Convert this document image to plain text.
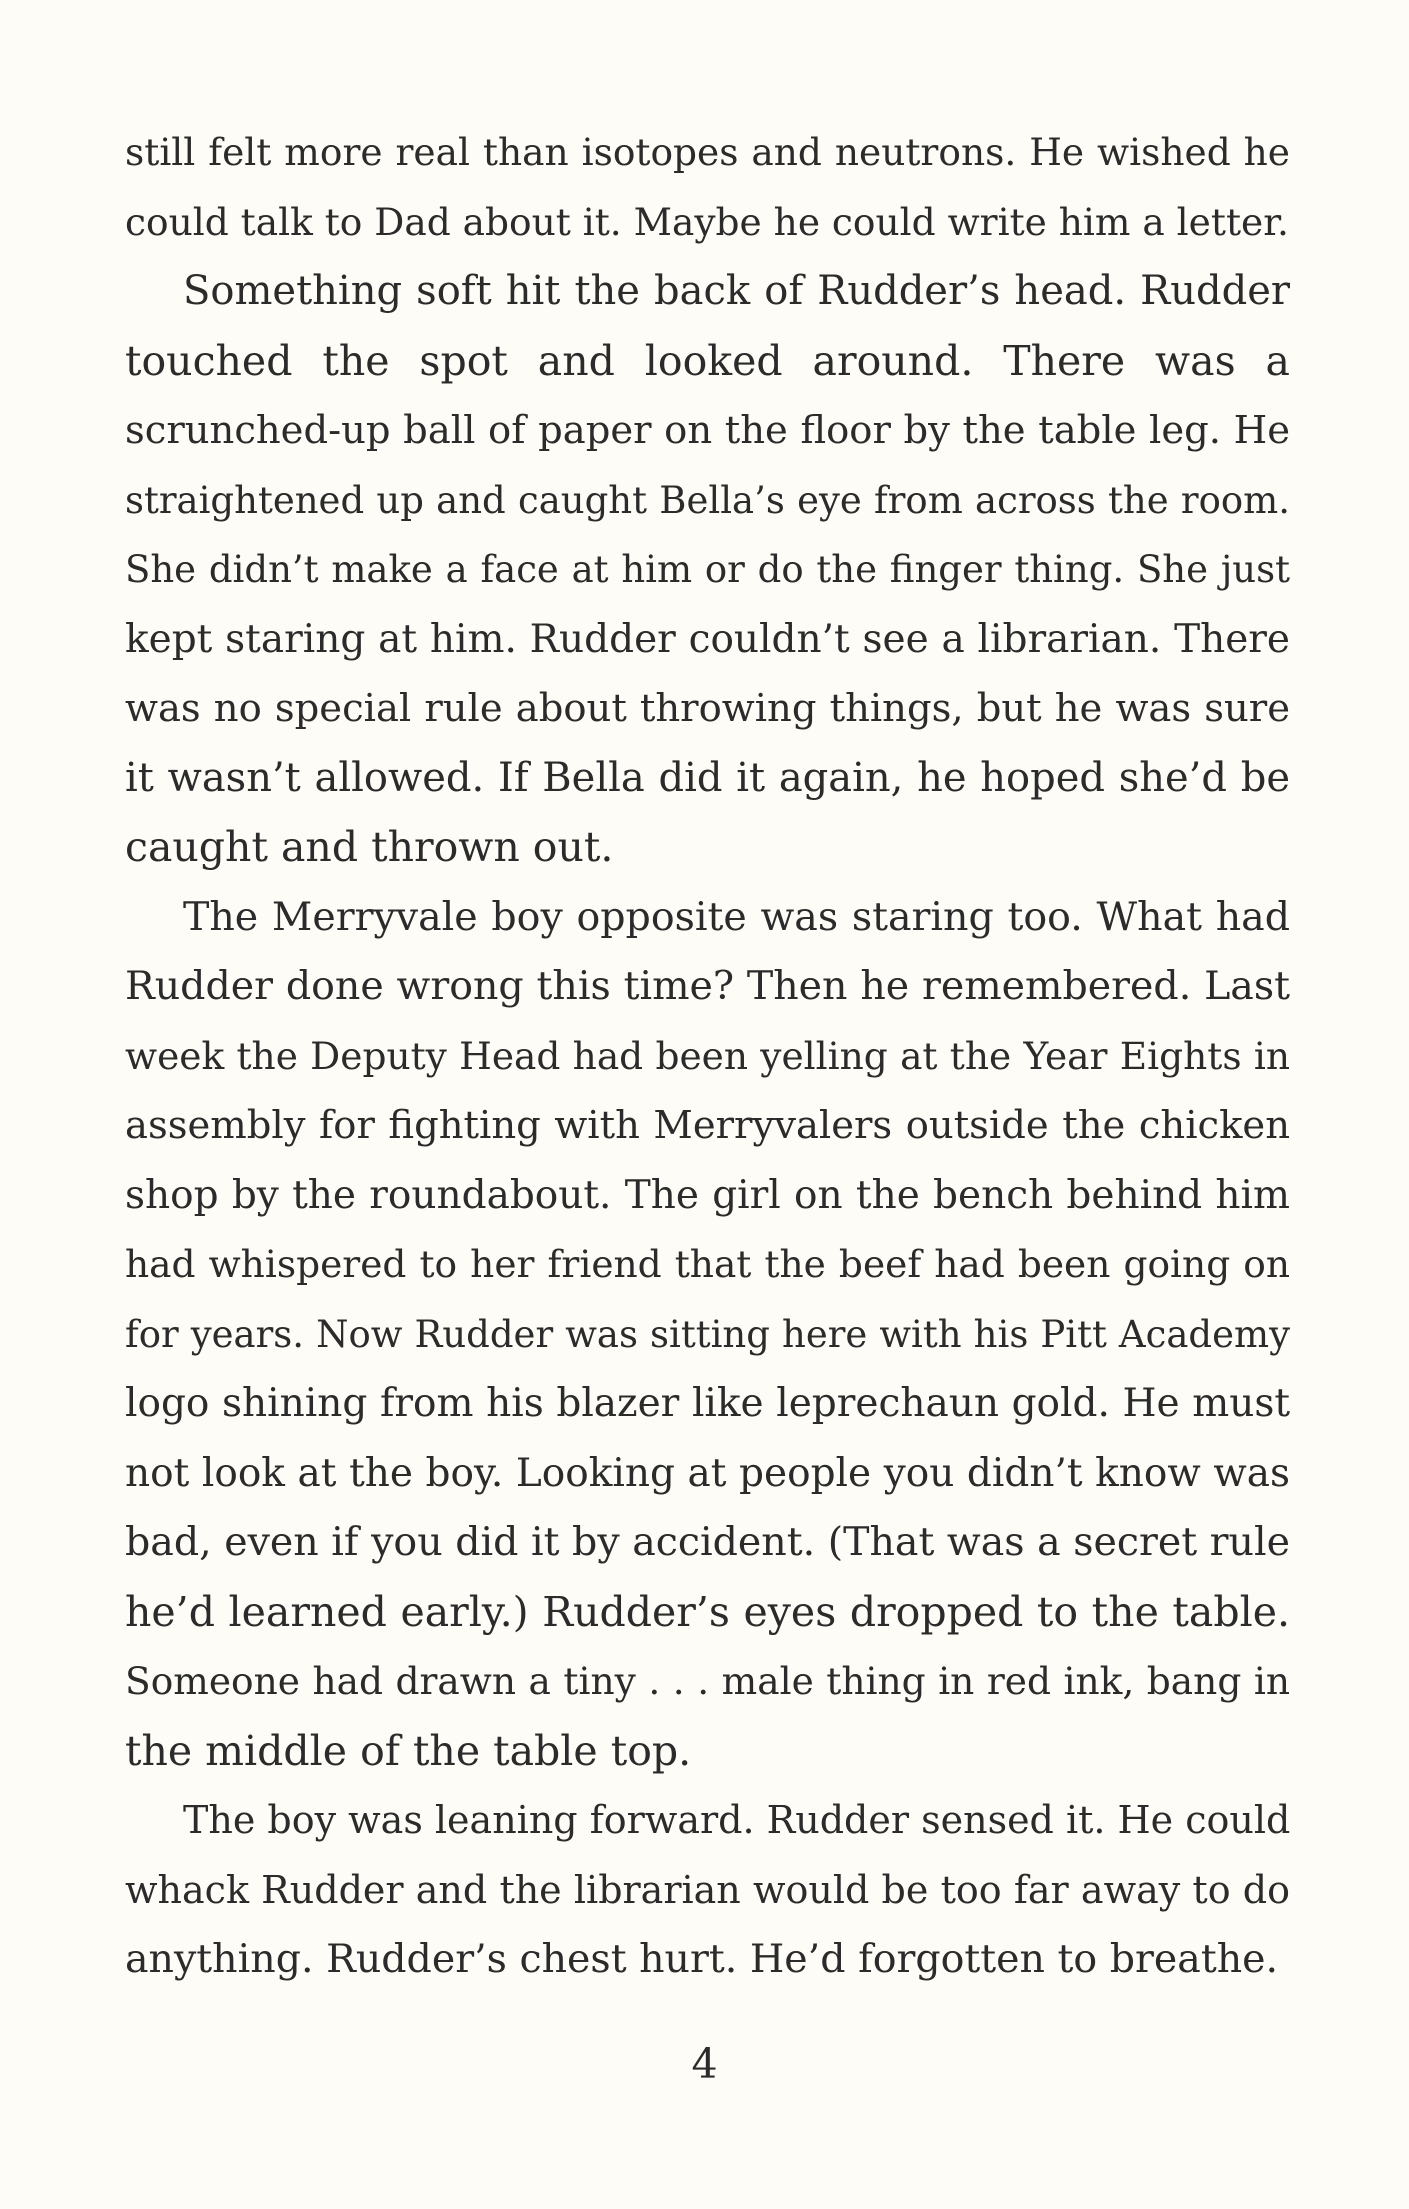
still felt more real than isotopes and neutrons. He wished he
could talk to Dad about it. Maybe he could write him a letter.
Something soft hit the back of Rudder’s head. Rudder
touched the spot and looked around. There was a
scrunched-up ball of paper on the floor by the table leg. He
straightened up and caught Bella’s eye from across the room.
She didn’t make a face at him or do the finger thing. She just
kept staring at him. Rudder couldn’t see a librarian. There
was no special rule about throwing things, but he was sure
it wasn’t allowed. If Bella did it again, he hoped she’d be
caught and thrown out.
The Merryvale boy opposite was staring too. What had
Rudder done wrong this time? Then he remembered. Last
week the Deputy Head had been yelling at the Year Eights in
assembly for fighting with Merryvalers outside the chicken
shop by the roundabout. The girl on the bench behind him
had whispered to her friend that the beef had been going on
for years. Now Rudder was sitting here with his Pitt Academy
logo shining from his blazer like leprechaun gold. He must
not look at the boy. Looking at people you didn’t know was
bad, even if you did it by accident. (That was a secret rule
he’d learned early.) Rudder’s eyes dropped to the table.
Someone had drawn a tiny . . . male thing in red ink, bang in
the middle of the table top.
The boy was leaning forward. Rudder sensed it. He could
whack Rudder and the librarian would be too far away to do
anything. Rudder’s chest hurt. He’d forgotten to breathe.
4
